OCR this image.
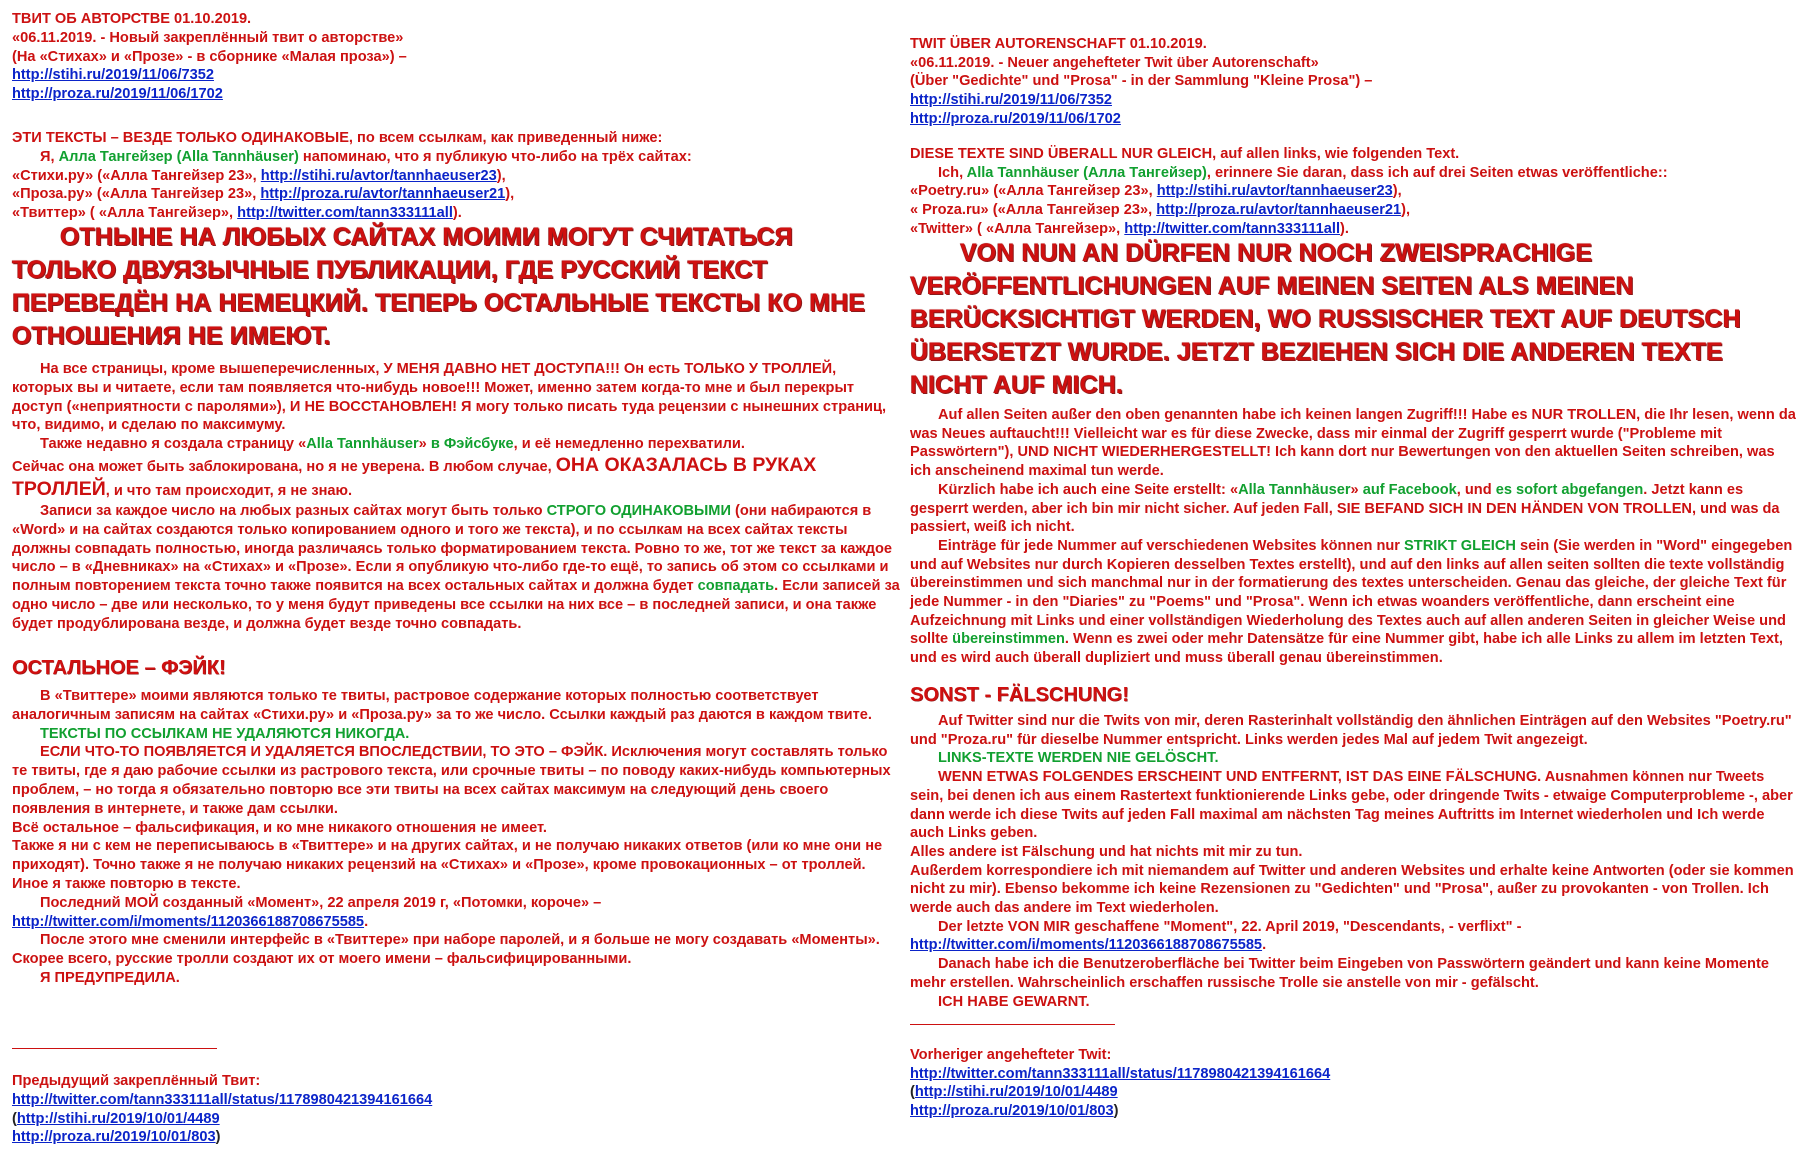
ТВИТ ОБ АВТОРСТВЕ 01.10.2019.

«06.11.2019. - Новый закреплённый твит о авторстве»

(На «Стихах» и «Прозе» - в сборнике «Малая проза») –

http://stihi.ru/2019/11/06/7352

http://proza.ru/2019/11/06/1702

ЭТИ ТЕКСТЫ – ВЕЗДЕ ТОЛЬКО ОДИНАКОВЫЕ, по всем ссылкам, как приведенный ниже:

Я, Алла Тангейзер (Alla Tannhäuser) напоминаю, что я публикую что-либо на трёх сайтах:

«Стихи.ру» («Алла Тангейзер 23», http://stihi.ru/avtor/tannhaeuser23),

«Проза.ру» («Алла Тангейзер 23», http://proza.ru/avtor/tannhaeuser21),

«Твиттер» ( «Алла Тангейзер», http://twitter.com/tann333111all).

ОТНЫНЕ НА ЛЮБЫХ САЙТАХ МОИМИ МОГУТ СЧИТАТЬСЯ

ТОЛЬКО ДВУЯЗЫЧНЫЕ ПУБЛИКАЦИИ, ГДЕ РУССКИЙ ТЕКСТ

ПЕРЕВЕДЁН НА НЕМЕЦКИЙ. ТЕПЕРЬ ОСТАЛЬНЫЕ ТЕКСТЫ КО МНЕ

ОТНОШЕНИЯ НЕ ИМЕЮТ.

На все страницы, кроме вышеперечисленных, У МЕНЯ ДАВНО НЕТ ДОСТУПА!!! Он есть ТОЛЬКО У ТРОЛЛЕЙ, которых вы и читаете, если там появляется что-нибудь новое!!! Может, именно затем когда-то мне и был перекрыт доступ («неприятности с паролями»), И НЕ ВОССТАНОВЛЕН! Я могу только писать туда рецензии с нынешних страниц, что, видимо, и сделаю по максимуму.

Также недавно я создала страницу «Alla Tannhäuser» в Фэйсбуке, и её немедленно перехватили.

Сейчас она может быть заблокирована, но я не уверена. В любом случае, ОНА ОКАЗАЛАСЬ В РУКАХ ТРОЛЛЕЙ, и что там происходит, я не знаю.

Записи за каждое число на любых разных сайтах могут быть только СТРОГО ОДИНАКОВЫМИ (они набираются в «Word» и на сайтах создаются только копированием одного и того же текста), и по ссылкам на всех сайтах тексты должны совпадать полностью, иногда различаясь только форматированием текста. Ровно то же, тот же текст за каждое число – в «Дневниках» на «Стихах» и «Прозе». Если я опубликую что-либо где-то ещё, то запись об этом со ссылками и полным повторением текста точно также появится на всех остальных сайтах и должна будет совпадать. Если записей за одно число – две или несколько, то у меня будут приведены все ссылки на них все – в последней записи, и она также будет продублирована везде, и должна будет везде точно совпадать.

ОСТАЛЬНОЕ – ФЭЙК!

В «Твиттере» моими являются только те твиты, растровое содержание которых полностью соответствует аналогичным записям на сайтах «Стихи.ру» и «Проза.ру» за то же число. Ссылки каждый раз даются в каждом твите.

ТЕКСТЫ ПО ССЫЛКАМ НЕ УДАЛЯЮТСЯ НИКОГДА.

ЕСЛИ ЧТО-ТО ПОЯВЛЯЕТСЯ И УДАЛЯЕТСЯ ВПОСЛЕДСТВИИ, ТО ЭТО – ФЭЙК. Исключения могут составлять только те твиты, где я даю рабочие ссылки из растрового текста, или срочные твиты – по поводу каких-нибудь компьютерных проблем, – но тогда я обязательно повторю все эти твиты на всех сайтах максимум на следующий день своего появления в интернете, и также дам ссылки.

Всё остальное – фальсификация, и ко мне никакого отношения не имеет.

Также я ни с кем не переписываюсь в «Твиттере» и на других сайтах, и не получаю никаких ответов (или ко мне они не приходят). Точно также я не получаю никаких рецензий на «Стихах» и «Прозе», кроме провокационных – от троллей. Иное я также повторю в тексте.

Последний МОЙ созданный «Момент», 22 апреля 2019 г, «Потомки, короче» –

http://twitter.com/i/moments/1120366188708675585.

После этого мне сменили интерфейс в «Твиттере» при наборе паролей, и я больше не могу создавать «Моменты». Скорее всего, русские тролли создают их от моего имени – фальсифицированными.

Я ПРЕДУПРЕДИЛА.

Предыдущий закреплённый Твит:

http://twitter.com/tann333111all/status/1178980421394161664

(http://stihi.ru/2019/10/01/4489

http://proza.ru/2019/10/01/803)

TWIT ÜBER AUTORENSCHAFT 01.10.2019.

«06.11.2019. - Neuer angehefteter Twit über Autorenschaft»

(Über "Gedichte" und "Prosa" - in der Sammlung "Kleine Prosa") –

http://stihi.ru/2019/11/06/7352

http://proza.ru/2019/11/06/1702

DIESE TEXTE SIND ÜBERALL NUR GLEICH, auf allen links, wie folgenden Text.

Ich, Alla Tannhäuser (Алла Тангейзер), erinnere Sie daran, dass ich auf drei Seiten etwas veröffentliche::

«Poetry.ru» («Алла Тангейзер 23», http://stihi.ru/avtor/tannhaeuser23),

« Proza.ru» («Алла Тангейзер 23», http://proza.ru/avtor/tannhaeuser21),

«Twitter» ( «Алла Тангейзер», http://twitter.com/tann333111all).

VON NUN AN DÜRFEN NUR NOCH ZWEISPRACHIGE

VERÖFFENTLICHUNGEN AUF MEINEN SEITEN ALS MEINEN

BERÜCKSICHTIGT WERDEN, WO RUSSISCHER TEXT AUF DEUTSCH

ÜBERSETZT WURDE. JETZT BEZIEHEN SICH DIE ANDEREN TEXTE

NICHT AUF MICH.

Auf allen Seiten außer den oben genannten habe ich keinen langen Zugriff!!! Habe es NUR TROLLEN, die Ihr lesen, wenn da was Neues auftaucht!!! Vielleicht war es für diese Zwecke, dass mir einmal der Zugriff gesperrt wurde ("Probleme mit Passwörtern"), UND NICHT WIEDERHERGESTELLT! Ich kann dort nur Bewertungen von den aktuellen Seiten schreiben, was ich anscheinend maximal tun werde.

Kürzlich habe ich auch eine Seite erstellt: «Alla Tannhäuser» auf Facebook, und es sofort abgefangen. Jetzt kann es gesperrt werden, aber ich bin mir nicht sicher. Auf jeden Fall, SIE BEFAND SICH IN DEN HÄNDEN VON TROLLEN, und was da passiert, weiß ich nicht.

Einträge für jede Nummer auf verschiedenen Websites können nur STRIKT GLEICH sein (Sie werden in "Word" eingegeben und auf Websites nur durch Kopieren desselben Textes erstellt), und auf den links auf allen seiten sollten die texte vollständig übereinstimmen und sich manchmal nur in der formatierung des textes unterscheiden. Genau das gleiche, der gleiche Text für jede Nummer - in den "Diaries" zu "Poems" und "Prosa". Wenn ich etwas woanders veröffentliche, dann erscheint eine Aufzeichnung mit Links und einer vollständigen Wiederholung des Textes auch auf allen anderen Seiten in gleicher Weise und sollte übereinstimmen. Wenn es zwei oder mehr Datensätze für eine Nummer gibt, habe ich alle Links zu allem im letzten Text, und es wird auch überall dupliziert und muss überall genau übereinstimmen.

SONST - FÄLSCHUNG!

Auf Twitter sind nur die Twits von mir, deren Rasterinhalt vollständig den ähnlichen Einträgen auf den Websites "Poetry.ru" und "Proza.ru" für dieselbe Nummer entspricht. Links werden jedes Mal auf jedem Twit angezeigt.

LINKS-TEXTE WERDEN NIE GELÖSCHT.

WENN ETWAS FOLGENDES ERSCHEINT UND ENTFERNT, IST DAS EINE FÄLSCHUNG. Ausnahmen können nur Tweets sein, bei denen ich aus einem Rastertext funktionierende Links gebe, oder dringende Twits - etwaige Computerprobleme -, aber dann werde ich diese Twits auf jeden Fall maximal am nächsten Tag meines Auftritts im Internet wiederholen und Ich werde auch Links geben.

Alles andere ist Fälschung und hat nichts mit mir zu tun.

Außerdem korrespondiere ich mit niemandem auf Twitter und anderen Websites und erhalte keine Antworten (oder sie kommen nicht zu mir). Ebenso bekomme ich keine Rezensionen zu "Gedichten" und "Prosa", außer zu provokanten - von Trollen. Ich werde auch das andere im Text wiederholen.

Der letzte VON MIR geschaffene "Moment", 22. April 2019, "Descendants, - verflixt" -

http://twitter.com/i/moments/1120366188708675585.

Danach habe ich die Benutzeroberfläche bei Twitter beim Eingeben von Passwörtern geändert und kann keine Momente mehr erstellen. Wahrscheinlich erschaffen russische Trolle sie anstelle von mir - gefälscht.

ICH HABE GEWARNT.

Vorheriger angehefteter Twit:

http://twitter.com/tann333111all/status/1178980421394161664

(http://stihi.ru/2019/10/01/4489

http://proza.ru/2019/10/01/803)
